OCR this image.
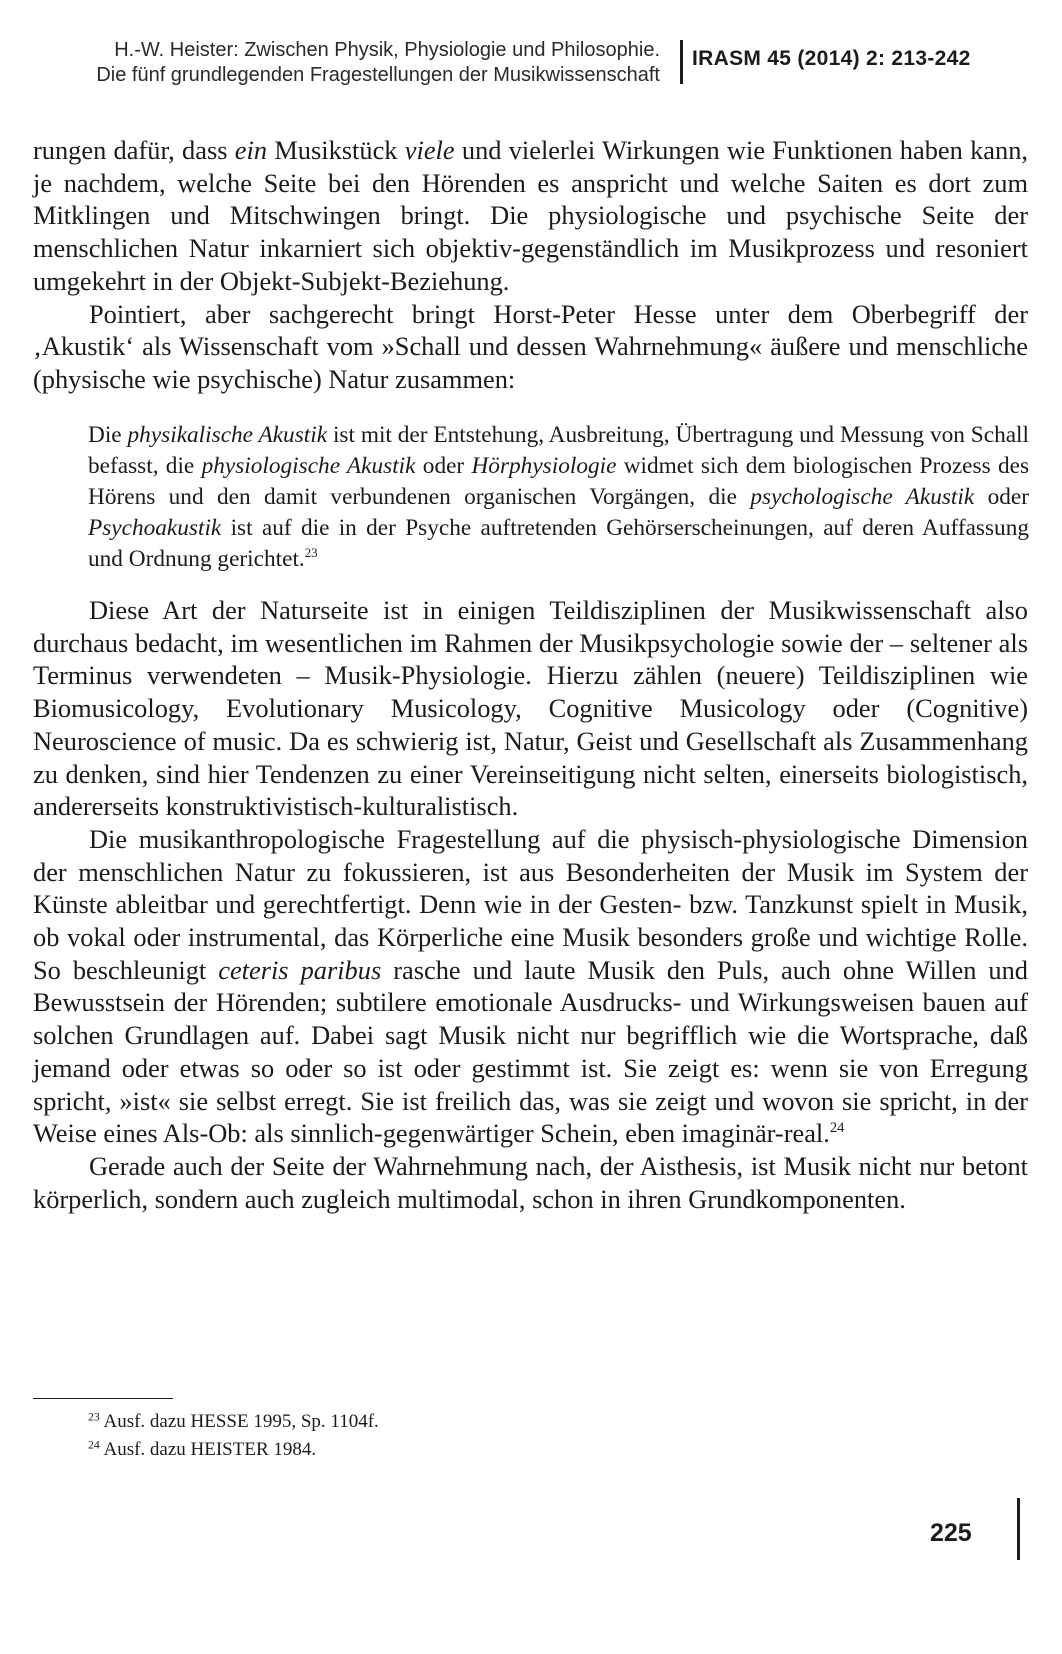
H.-W. Heister: Zwischen Physik, Physiologie und Philosophie.
Die fünf grundlegenden Fragestellungen der Musikwissenschaft
IRASM 45 (2014) 2: 213-242

rungen dafür, dass ein Musikstück viele und vielerlei Wirkungen wie Funktionen haben kann, je nachdem, welche Seite bei den Hörenden es anspricht und welche Saiten es dort zum Mitklingen und Mitschwingen bringt. Die physiologische und psychische Seite der menschlichen Natur inkarniert sich objektiv-gegenständlich im Musikprozess und resoniert umgekehrt in der Objekt-Subjekt-Beziehung.

Pointiert, aber sachgerecht bringt Horst-Peter Hesse unter dem Oberbegriff der ‚Akustik‘ als Wissenschaft vom »Schall und dessen Wahrnehmung« äußere und menschliche (physische wie psychische) Natur zusammen:

Die physikalische Akustik ist mit der Entstehung, Ausbreitung, Übertragung und Messung von Schall befasst, die physiologische Akustik oder Hörphysiologie widmet sich dem biologischen Prozess des Hörens und den damit verbundenen organischen Vorgängen, die psychologische Akustik oder Psychoakustik ist auf die in der Psyche auftretenden Gehörserscheinungen, auf deren Auffassung und Ordnung gerichtet.$^{23}$

Diese Art der Naturseite ist in einigen Teildisziplinen der Musikwissenschaft also durchaus bedacht, im wesentlichen im Rahmen der Musikpsychologie sowie der – seltener als Terminus verwendeten – Musik-Physiologie. Hierzu zählen (neuere) Teildisziplinen wie Biomusicology, Evolutionary Musicology, Cognitive Musicology oder (Cognitive) Neuroscience of music. Da es schwierig ist, Natur, Geist und Gesellschaft als Zusammenhang zu denken, sind hier Tendenzen zu einer Vereinseitigung nicht selten, einerseits biologistisch, andererseits konstruktivistisch-kulturalistisch.

Die musikanthropologische Fragestellung auf die physisch-physiologische Dimension der menschlichen Natur zu fokussieren, ist aus Besonderheiten der Musik im System der Künste ableitbar und gerechtfertigt. Denn wie in der Gesten- bzw. Tanzkunst spielt in Musik, ob vokal oder instrumental, das Körperliche eine Musik besonders große und wichtige Rolle. So beschleunigt ceteris paribus rasche und laute Musik den Puls, auch ohne Willen und Bewusstsein der Hörenden; subtilere emotionale Ausdrucks- und Wirkungsweisen bauen auf solchen Grundlagen auf. Dabei sagt Musik nicht nur begrifflich wie die Wortsprache, daß jemand oder etwas so oder so ist oder gestimmt ist. Sie zeigt es: wenn sie von Erregung spricht, »ist« sie selbst erregt. Sie ist freilich das, was sie zeigt und wovon sie spricht, in der Weise eines Als-Ob: als sinnlich-gegenwärtiger Schein, eben imaginär-real.$^{24}$

Gerade auch der Seite der Wahrnehmung nach, der Aisthesis, ist Musik nicht nur betont körperlich, sondern auch zugleich multimodal, schon in ihren Grundkomponenten.

$^{23}$ Ausf. dazu HESSE 1995, Sp. 1104f.
$^{24}$ Ausf. dazu HEISTER 1984.
225
